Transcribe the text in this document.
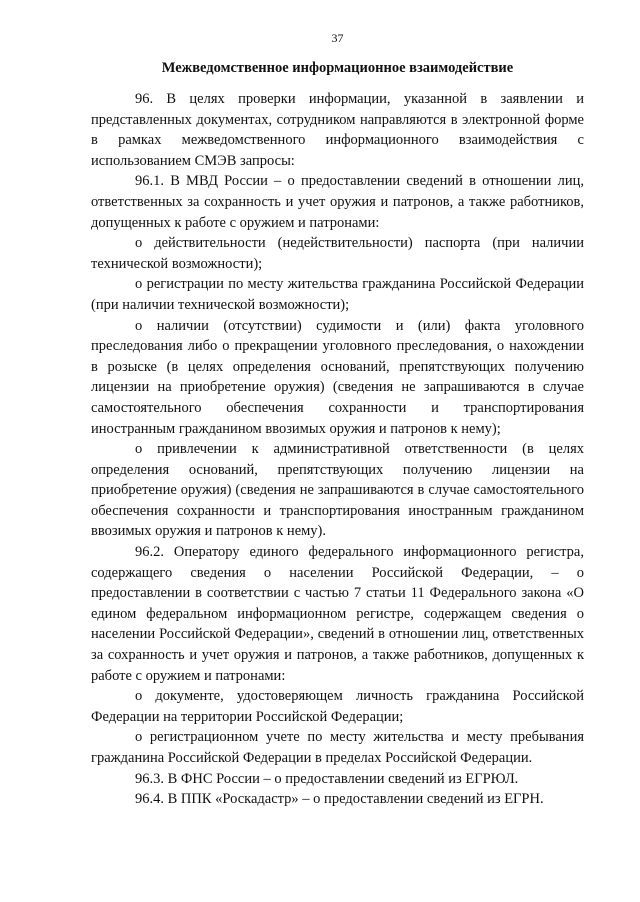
37
Межведомственное информационное взаимодействие

96. В целях проверки информации, указанной в заявлении и представленных документах, сотрудником направляются в электронной форме в рамках межведомственного информационного взаимодействия с использованием СМЭВ запросы:

96.1. В МВД России – о предоставлении сведений в отношении лиц, ответственных за сохранность и учет оружия и патронов, а также работников, допущенных к работе с оружием и патронами:

о действительности (недействительности) паспорта (при наличии технической возможности);

о регистрации по месту жительства гражданина Российской Федерации (при наличии технической возможности);

о наличии (отсутствии) судимости и (или) факта уголовного преследования либо о прекращении уголовного преследования, о нахождении в розыске (в целях определения оснований, препятствующих получению лицензии на приобретение оружия) (сведения не запрашиваются в случае самостоятельного обеспечения сохранности и транспортирования иностранным гражданином ввозимых оружия и патронов к нему);

о привлечении к административной ответственности (в целях определения оснований, препятствующих получению лицензии на приобретение оружия) (сведения не запрашиваются в случае самостоятельного обеспечения сохранности и транспортирования иностранным гражданином ввозимых оружия и патронов к нему).

96.2. Оператору единого федерального информационного регистра, содержащего сведения о населении Российской Федерации, – о предоставлении в соответствии с частью 7 статьи 11 Федерального закона «О едином федеральном информационном регистре, содержащем сведения о населении Российской Федерации», сведений в отношении лиц, ответственных за сохранность и учет оружия и патронов, а также работников, допущенных к работе с оружием и патронами:

о документе, удостоверяющем личность гражданина Российской Федерации на территории Российской Федерации;

о регистрационном учете по месту жительства и месту пребывания гражданина Российской Федерации в пределах Российской Федерации.

96.3. В ФНС России – о предоставлении сведений из ЕГРЮЛ.

96.4. В ППК «Роскадастр» – о предоставлении сведений из ЕГРН.
